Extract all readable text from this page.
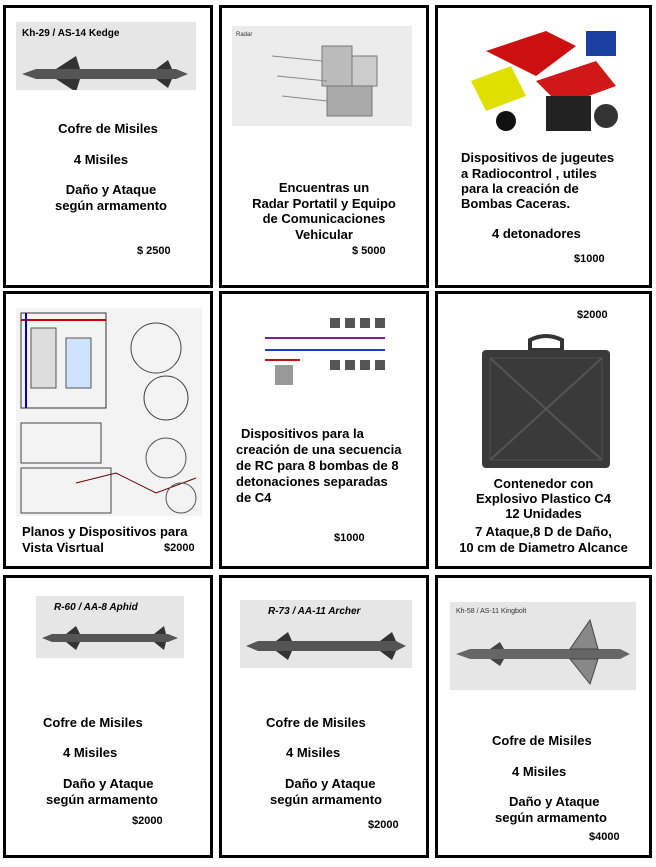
Kh-29 / AS-14 Kedge
Cofre de Misiles
4 Misiles
Daño y Ataque
según armamento
$ 2500
Radar
Encuentras un
Radar Portatil y Equipo
de Comunicaciones
Vehicular
$ 5000
Dispositivos de jugeutes
a Radiocontrol , utiles
para la creación de
Bombas Caceras.
4 detonadores
$1000
Planos y Dispositivos para
Vista Visrtual	$2000
Dispositivos para la
creación de una secuencia
de RC para 8 bombas de 8
detonaciones separadas
de C4
$1000
$2000
Contenedor con
Explosivo Plastico C4
12 Unidades
7 Ataque,8 D de Daño,
10 cm de Diametro Alcance
R-60 / AA-8 Aphid
Cofre de Misiles
4 Misiles
Daño y Ataque
según armamento
$2000
R-73 / AA-11 Archer
Cofre de Misiles
4 Misiles
Daño y Ataque
según armamento
$2000
Kh-58 / AS-11 Kingbolt
Cofre de Misiles
4 Misiles
Daño y Ataque
según armamento
$4000
